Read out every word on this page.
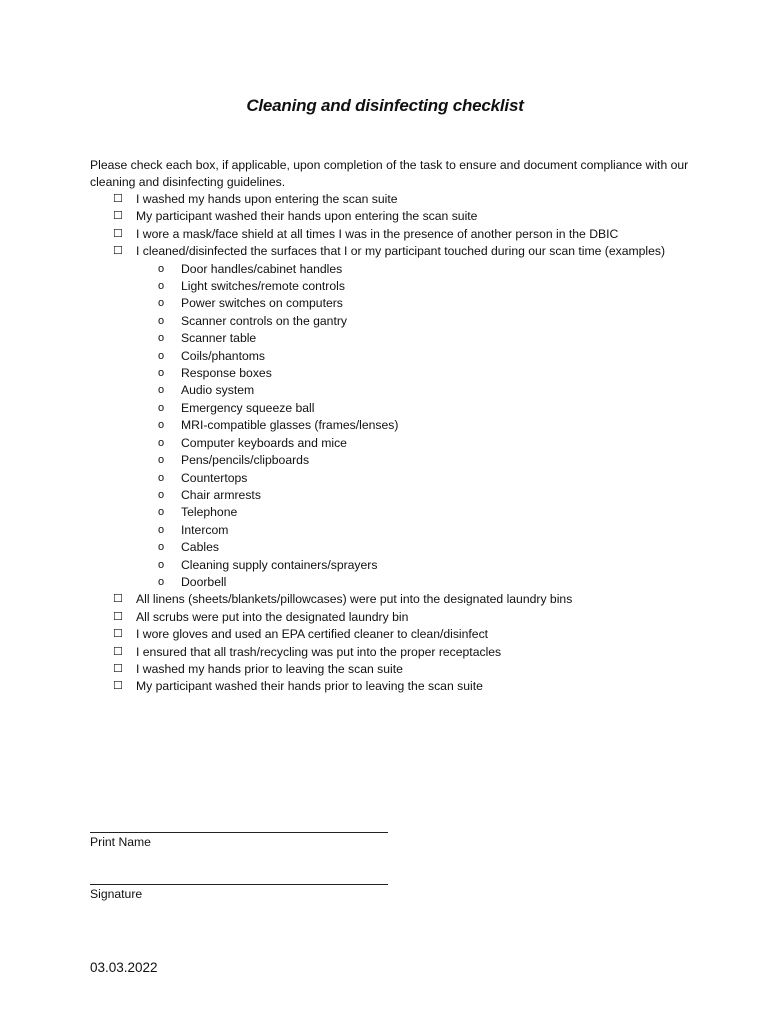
Cleaning and disinfecting checklist
Please check each box, if applicable, upon completion of the task to ensure and document compliance with our cleaning and disinfecting guidelines.
☐ I washed my hands upon entering the scan suite
☐ My participant washed their hands upon entering the scan suite
☐ I wore a mask/face shield at all times I was in the presence of another person in the DBIC
☐ I cleaned/disinfected the surfaces that I or my participant touched during our scan time (examples)
o Door handles/cabinet handles
o Light switches/remote controls
o Power switches on computers
o Scanner controls on the gantry
o Scanner table
o Coils/phantoms
o Response boxes
o Audio system
o Emergency squeeze ball
o MRI-compatible glasses (frames/lenses)
o Computer keyboards and mice
o Pens/pencils/clipboards
o Countertops
o Chair armrests
o Telephone
o Intercom
o Cables
o Cleaning supply containers/sprayers
o Doorbell
☐ All linens (sheets/blankets/pillowcases) were put into the designated laundry bins
☐ All scrubs were put into the designated laundry bin
☐ I wore gloves and used an EPA certified cleaner to clean/disinfect
☐ I ensured that all trash/recycling was put into the proper receptacles
☐ I washed my hands prior to leaving the scan suite
☐ My participant washed their hands prior to leaving the scan suite
Print Name
Signature
03.03.2022
